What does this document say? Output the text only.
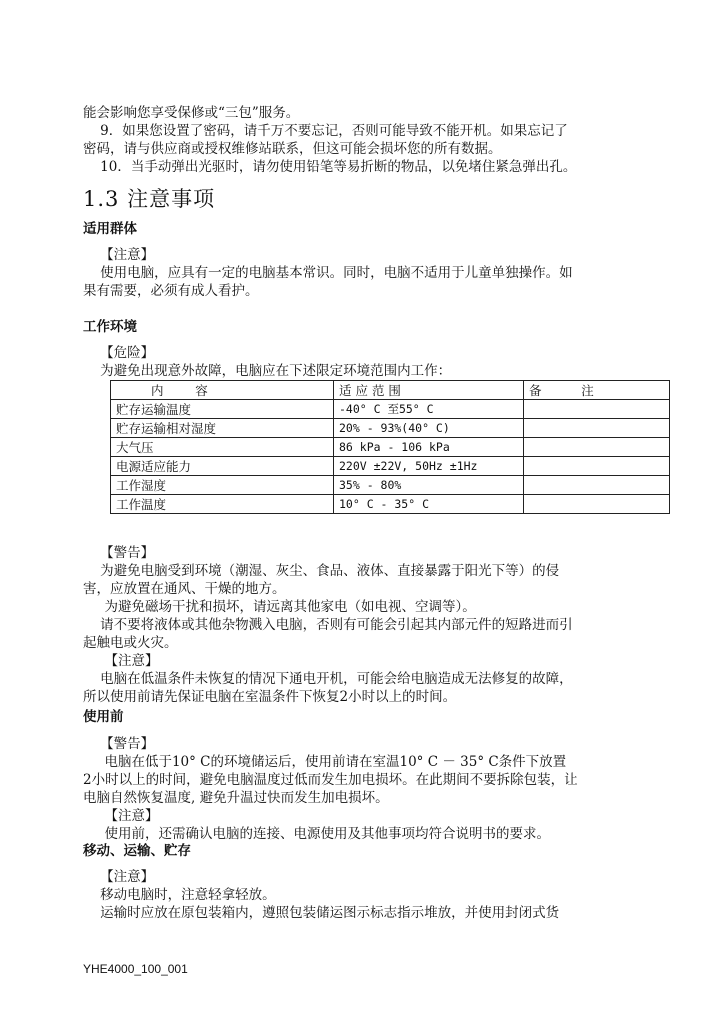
能会影响您享受保修或“三包”服务。
9．如果您设置了密码，请千万不要忘记，否则可能导致不能开机。如果忘记了
密码，请与供应商或授权维修站联系，但这可能会损坏您的所有数据。
10．当手动弹出光驱时，请勿使用铅笔等易折断的物品，以免堵住紧急弹出孔。
1.3 注意事项
适用群体
【注意】
使用电脑，应具有一定的电脑基本常识。同时，电脑不适用于儿童单独操作。如
果有需要，必须有成人看护。
工作环境
【危险】
为避免出现意外故障，电脑应在下述限定环境范围内工作：
内        容	适 应 范 围	备          注
贮存运输温度	-40° C 至55° C	
贮存运输相对湿度	20% - 93%(40° C)	
大气压	86 kPa - 106 kPa	
电源适应能力	220V ±22V, 50Hz ±1Hz	
工作湿度	35% - 80%	
工作温度	10° C - 35° C	
【警告】
为避免电脑受到环境（潮湿、灰尘、食品、液体、直接暴露于阳光下等）的侵
害，应放置在通风、干燥的地方。
为避免磁场干扰和损坏，请远离其他家电（如电视、空调等）。
请不要将液体或其他杂物溅入电脑，否则有可能会引起其内部元件的短路进而引
起触电或火灾。
【注意】
电脑在低温条件未恢复的情况下通电开机，可能会给电脑造成无法修复的故障，
所以使用前请先保证电脑在室温条件下恢复2小时以上的时间。
使用前
【警告】
电脑在低于10° C的环境储运后，使用前请在室温10° C － 35° C条件下放置
2小时以上的时间，避免电脑温度过低而发生加电损坏。在此期间不要拆除包装，让
电脑自然恢复温度, 避免升温过快而发生加电损坏。
【注意】
使用前，还需确认电脑的连接、电源使用及其他事项均符合说明书的要求。
移动、运输、贮存
【注意】
移动电脑时，注意轻拿轻放。
运输时应放在原包装箱内，遵照包装储运图示标志指示堆放，并使用封闭式货
YHE4000_100_001
